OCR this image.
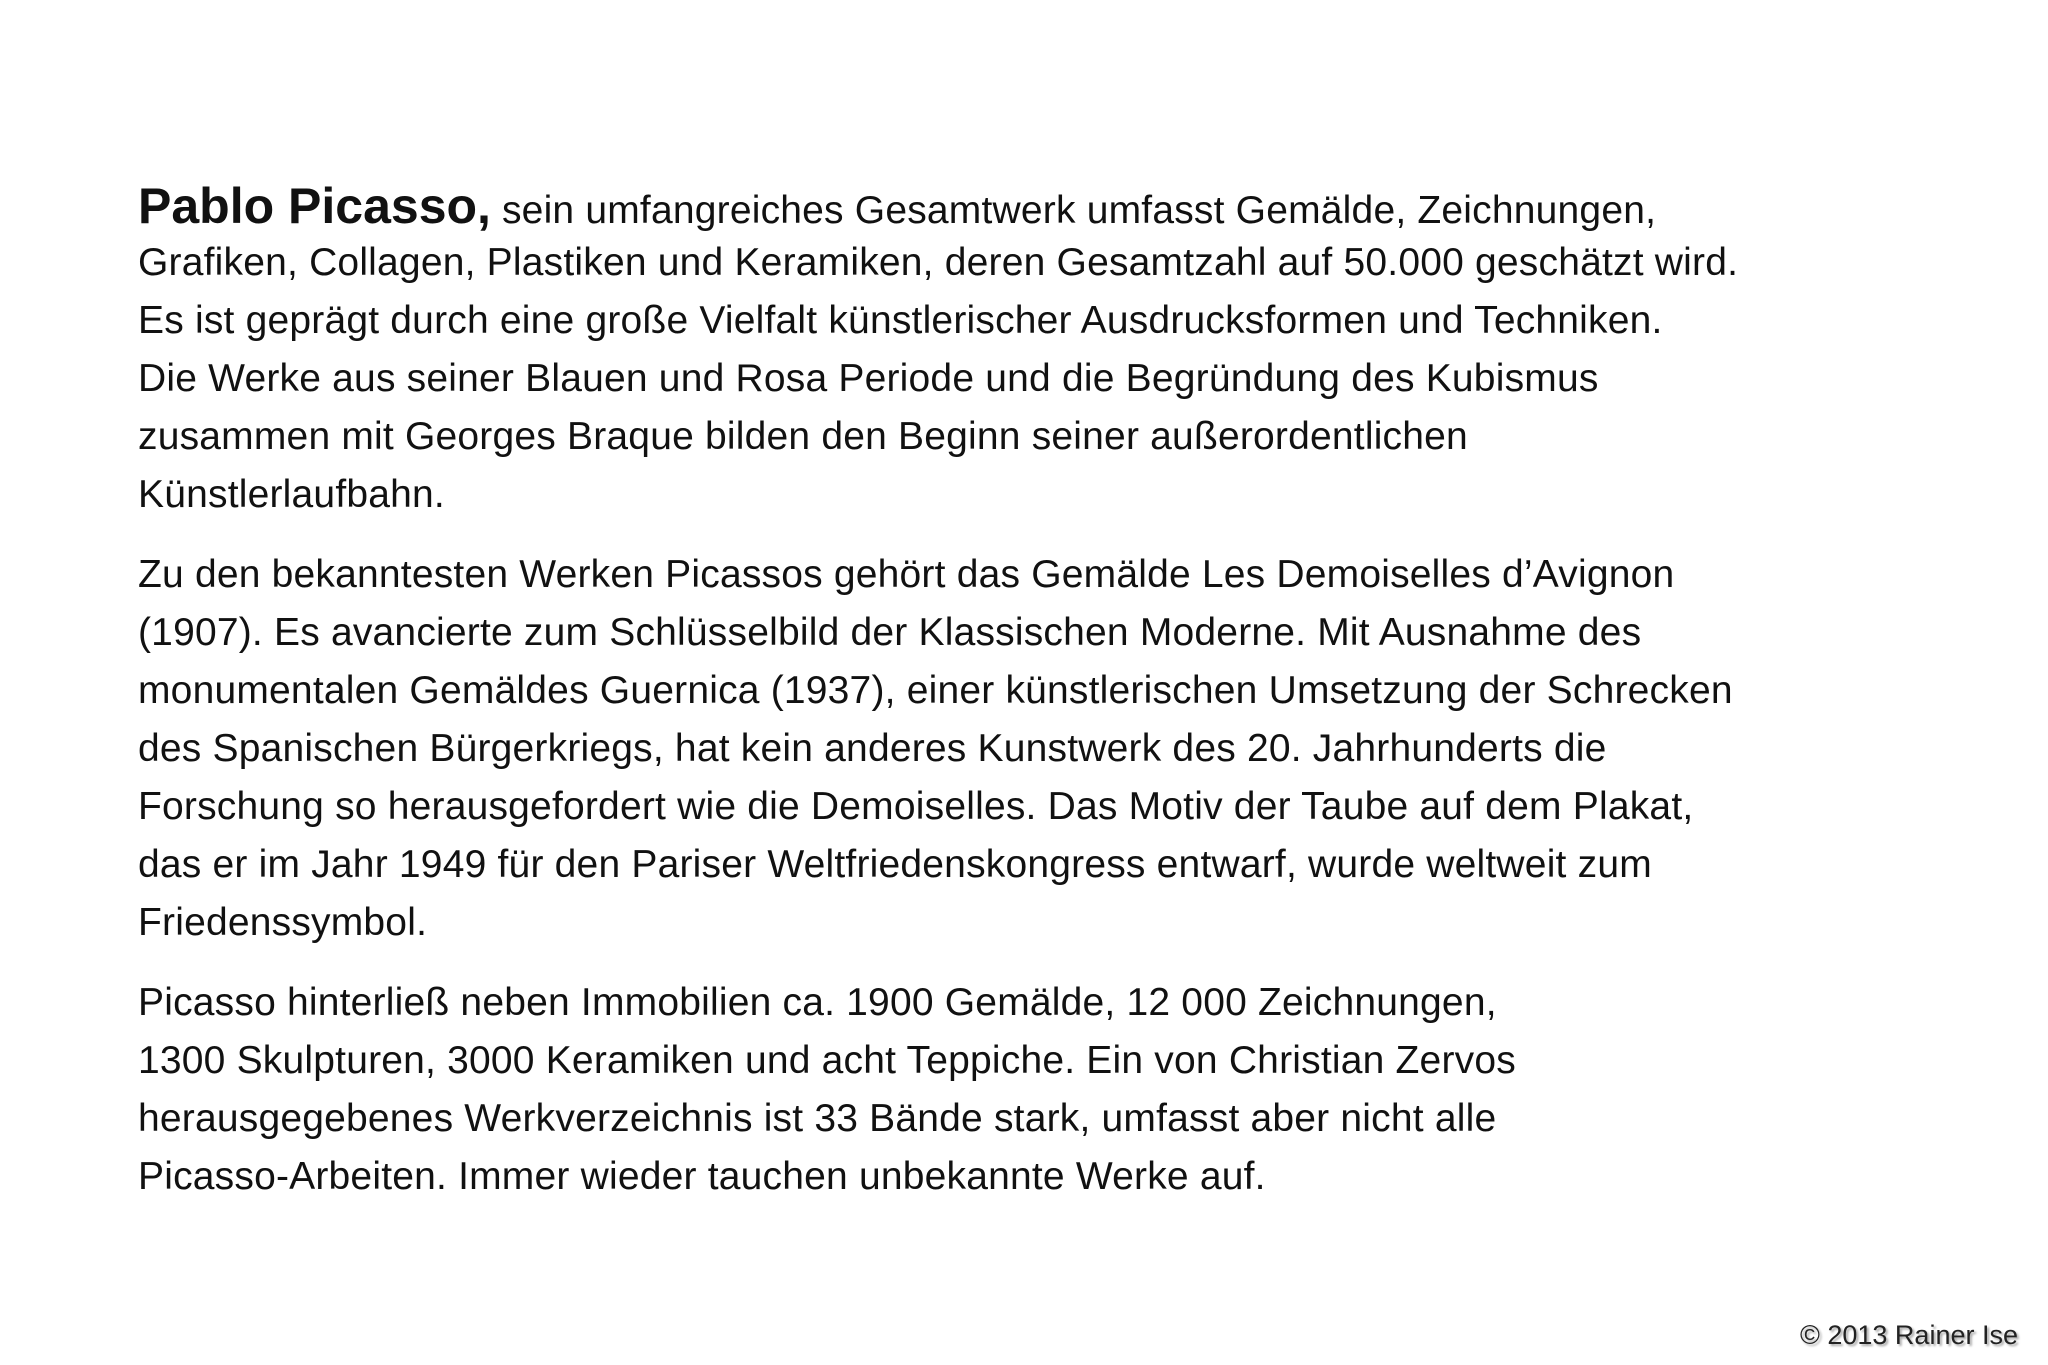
Pablo Picasso, sein umfangreiches Gesamtwerk umfasst Gemälde, Zeichnungen,
Grafiken, Collagen, Plastiken und Keramiken, deren Gesamtzahl auf 50.000 geschätzt wird.
Es ist geprägt durch eine große Vielfalt künstlerischer Ausdrucksformen und Techniken.
Die Werke aus seiner Blauen und Rosa Periode und die Begründung des Kubismus
zusammen mit Georges Braque bilden den Beginn seiner außerordentlichen
Künstlerlaufbahn.
Zu den bekanntesten Werken Picassos gehört das Gemälde Les Demoiselles d’Avignon
(1907). Es avancierte zum Schlüsselbild der Klassischen Moderne. Mit Ausnahme des
monumentalen Gemäldes Guernica (1937), einer künstlerischen Umsetzung der Schrecken
des Spanischen Bürgerkriegs, hat kein anderes Kunstwerk des 20. Jahrhunderts die
Forschung so herausgefordert wie die Demoiselles. Das Motiv der Taube auf dem Plakat,
das er im Jahr 1949 für den Pariser Weltfriedenskongress entwarf, wurde weltweit zum
Friedenssymbol.
Picasso hinterließ neben Immobilien ca. 1900 Gemälde, 12 000 Zeichnungen,
1300 Skulpturen, 3000 Keramiken und acht Teppiche. Ein von Christian Zervos
herausgegebenes Werkverzeichnis ist 33 Bände stark, umfasst aber nicht alle
Picasso-Arbeiten. Immer wieder tauchen unbekannte Werke auf.
© 2013 Rainer Ise
